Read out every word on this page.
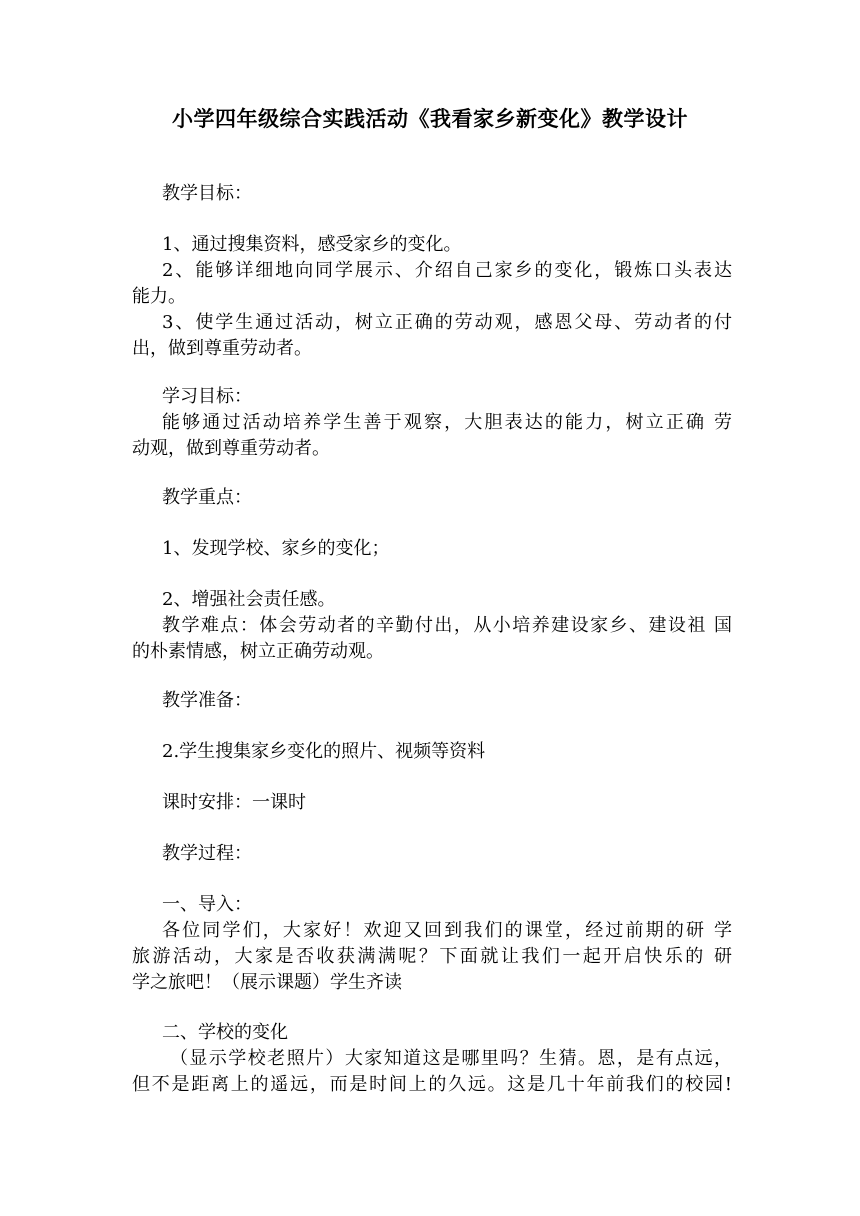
小学四年级综合实践活动《我看家乡新变化》教学设计

教学目标：

1、通过搜集资料，感受家乡的变化。

2、能够详细地向同学展示、介绍自己家乡的变化，锻炼口头表达

能力。

3、使学生通过活动，树立正确的劳动观，感恩父母、劳动者的付

出，做到尊重劳动者。

学习目标：

能够通过活动培养学生善于观察，大胆表达的能力，树立正确 劳

动观，做到尊重劳动者。

教学重点：

1、发现学校、家乡的变化；

2、增强社会责任感。

教学难点：体会劳动者的辛勤付出，从小培养建设家乡、建设祖 国

的朴素情感，树立正确劳动观。

教学准备：

2.学生搜集家乡变化的照片、视频等资料

课时安排：一课时

教学过程：

一、导入：

各位同学们，大家好！欢迎又回到我们的课堂，经过前期的研 学

旅游活动，大家是否收获满满呢？下面就让我们一起开启快乐的 研

学之旅吧！（展示课题）学生齐读

二、学校的变化

（显示学校老照片）大家知道这是哪里吗？生猜。恩，是有点远，

但不是距离上的遥远，而是时间上的久远。这是几十年前我们的校园!
